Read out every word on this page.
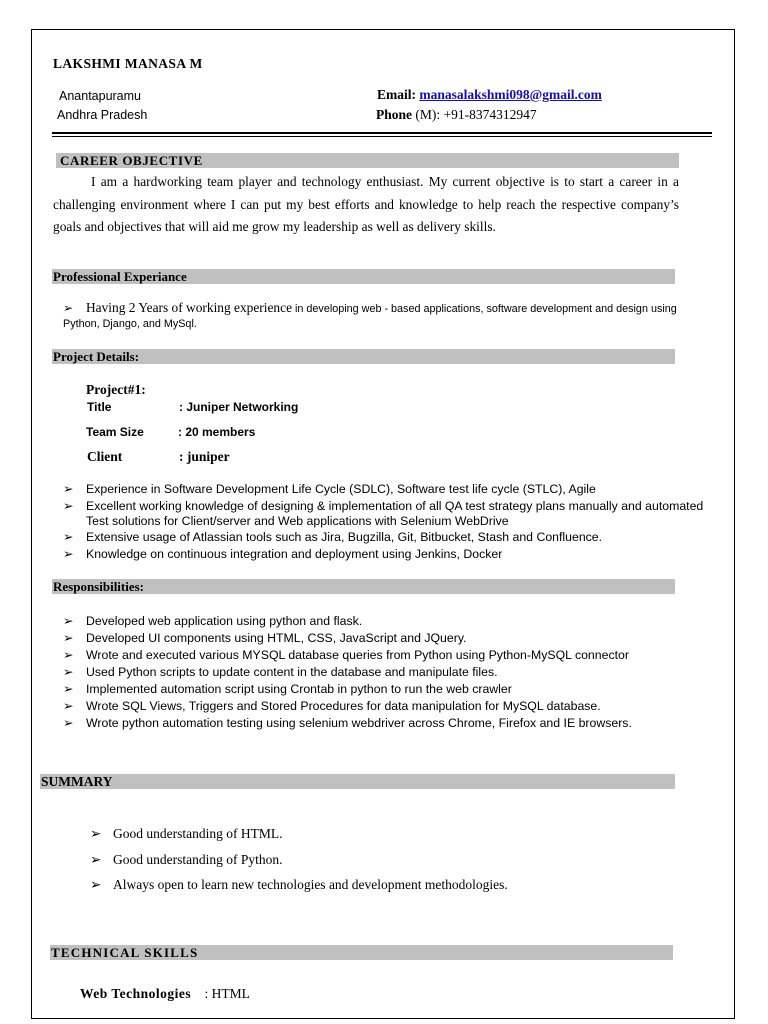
LAKSHMI MANASA M
Anantapuramu
Andhra Pradesh
Email: manasalakshmi098@gmail.com
Phone (M): +91-8374312947
CAREER OBJECTIVE
I am a hardworking team player and technology enthusiast. My current objective is to start a career in a challenging environment where I can put my best efforts and knowledge to help reach the respective company’s goals and objectives that will aid me grow my leadership as well as delivery skills.
Professional Experiance
➢ Having 2 Years of working experience in developing web - based applications, software development and design using Python, Django, and MySql.
Project Details:
Project#1:
Title	: Juniper Networking
Team Size	: 20 members
Client	: juniper
➢ Experience in Software Development Life Cycle (SDLC), Software test life cycle (STLC), Agile
➢ Excellent working knowledge of designing & implementation of all QA test strategy plans manually and automated Test solutions for Client/server and Web applications with Selenium WebDrive
➢ Extensive usage of Atlassian tools such as Jira, Bugzilla, Git, Bitbucket, Stash and Confluence.
➢ Knowledge on continuous integration and deployment using Jenkins, Docker
Responsibilities:
➢ Developed web application using python and flask.
➢ Developed UI components using HTML, CSS, JavaScript and JQuery.
➢ Wrote and executed various MYSQL database queries from Python using Python-MySQL connector
➢ Used Python scripts to update content in the database and manipulate files.
➢ Implemented automation script using Crontab in python to run the web crawler
➢ Wrote SQL Views, Triggers and Stored Procedures for data manipulation for MySQL database.
➢ Wrote python automation testing using selenium webdriver across Chrome, Firefox and IE browsers.
SUMMARY
➢ Good understanding of HTML.
➢ Good understanding of Python.
➢ Always open to learn new technologies and development methodologies.
TECHNICAL SKILLS
Web Technologies : HTML
